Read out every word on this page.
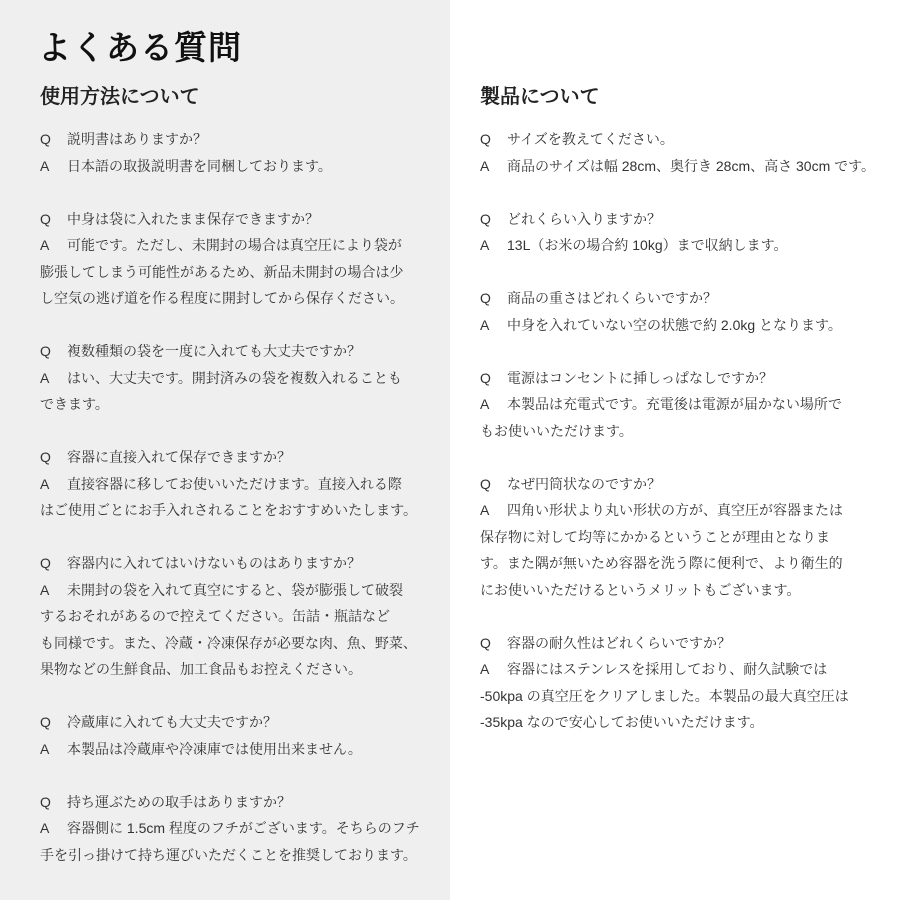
よくある質問
使用方法について
Q 説明書はありますか？
A 日本語の取扱説明書を同梱しております。
Q 中身は袋に入れたまま保存できますか？
A 可能です。ただし、未開封の場合は真空圧により袋が
膨張してしまう可能性があるため、新品未開封の場合は少
し空気の逃げ道を作る程度に開封してから保存ください。
Q 複数種類の袋を一度に入れても大丈夫ですか？
A はい、大丈夫です。開封済みの袋を複数入れることも
できます。
Q 容器に直接入れて保存できますか？
A 直接容器に移してお使いいただけます。直接入れる際
はご使用ごとにお手入れされることをおすすめいたします。
Q 容器内に入れてはいけないものはありますか？
A 未開封の袋を入れて真空にすると、袋が膨張して破裂
するおそれがあるので控えてください。缶詰・瓶詰など
も同様です。また、冷蔵・冷凍保存が必要な肉、魚、野菜、
果物などの生鮮食品、加工食品もお控えください。
Q 冷蔵庫に入れても大丈夫ですか？
A 本製品は冷蔵庫や冷凍庫では使用出来ません。
Q 持ち運ぶための取手はありますか？
A 容器側に 1.5cm 程度のフチがございます。そちらのフチ
手を引っ掛けて持ち運びいただくことを推奨しております。
製品について
Q サイズを教えてください。
A 商品のサイズは幅 28cm、奥行き 28cm、高さ 30cm です。
Q どれくらい入りますか？
A 13L（お米の場合約 10kg）まで収納します。
Q 商品の重さはどれくらいですか？
A 中身を入れていない空の状態で約 2.0kg となります。
Q 電源はコンセントに挿しっぱなしですか？
A 本製品は充電式です。充電後は電源が届かない場所で
もお使いいただけます。
Q なぜ円筒状なのですか？
A 四角い形状より丸い形状の方が、真空圧が容器または
保存物に対して均等にかかるということが理由となりま
す。また隅が無いため容器を洗う際に便利で、より衛生的
にお使いいただけるというメリットもございます。
Q 容器の耐久性はどれくらいですか？
A 容器にはステンレスを採用しており、耐久試験では
-50kpa の真空圧をクリアしました。本製品の最大真空圧は
-35kpa なので安心してお使いいただけます。
